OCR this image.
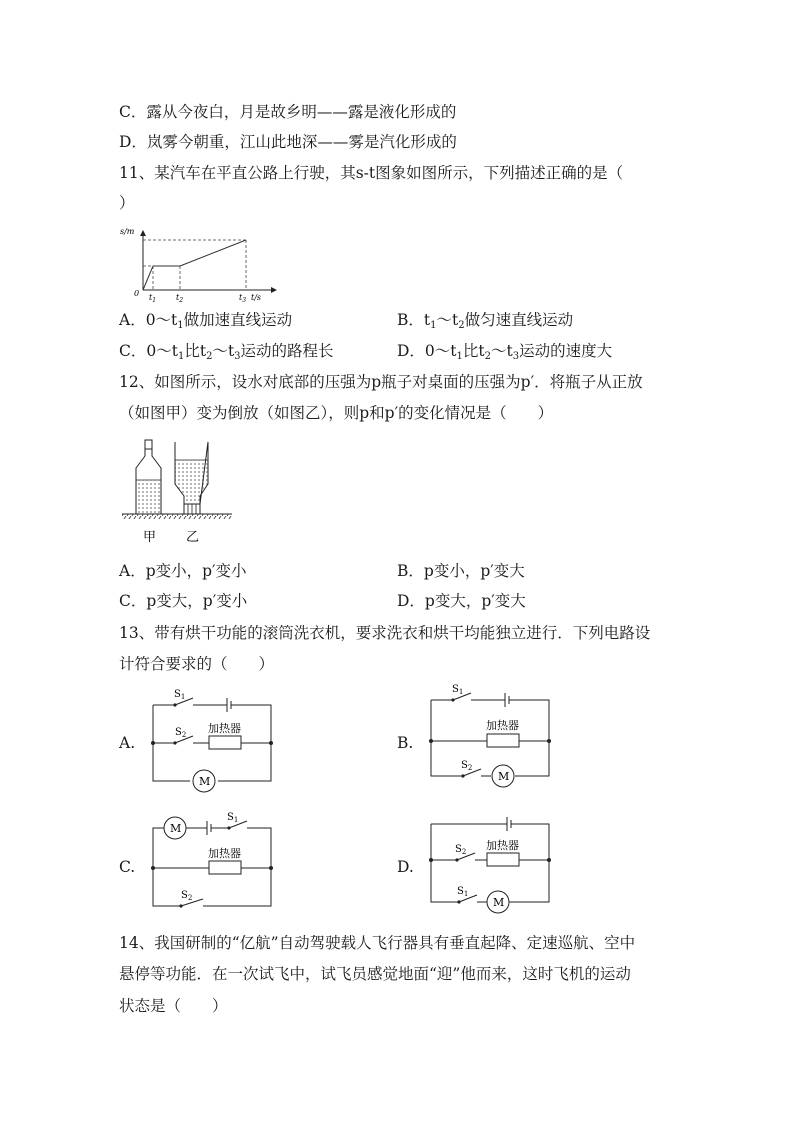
C．露从今夜白，月是故乡明——露是液化形成的
D．岚雾今朝重，江山此地深——雾是汽化形成的
11、某汽车在平直公路上行驶，其s-t图象如图所示，下列描述正确的是（
）
s/m
0 $t_1$ $t_2$	$t_3$ t/s
A．$0\sim t_1$做加速直线运动	B．$t_1\sim t_2$做匀速直线运动
C．$0\sim t_1$比$t_2\sim t_3$运动的路程长	D．$0\sim t_1$比$t_2\sim t_3$运动的速度大
12、如图所示，设水对底部的压强为p瓶子对桌面的压强为p′．将瓶子从正放
（如图甲）变为倒放（如图乙），则p和p′的变化情况是（　　）
甲 乙
A．p变小，p′变小	B．p变小，p′变大
C．p变大，p′变小	D．p变大，p′变大
13、带有烘干功能的滚筒洗衣机，要求洗衣和烘干均能独立进行．下列电路设
计符合要求的（　　）
A.
$S_1$
$S_2$ 加热器
M
B.
$S_1$
$S_2$
加热器
M
C.
M
$S_1$
加热器
$S_2$
D.
$S_2$ 加热器
$S_1$
M
14、我国研制的“亿航”自动驾驶载人飞行器具有垂直起降、定速巡航、空中
悬停等功能．在一次试飞中，试飞员感觉地面“迎”他而来，这时飞机的运动
状态是（　　）
